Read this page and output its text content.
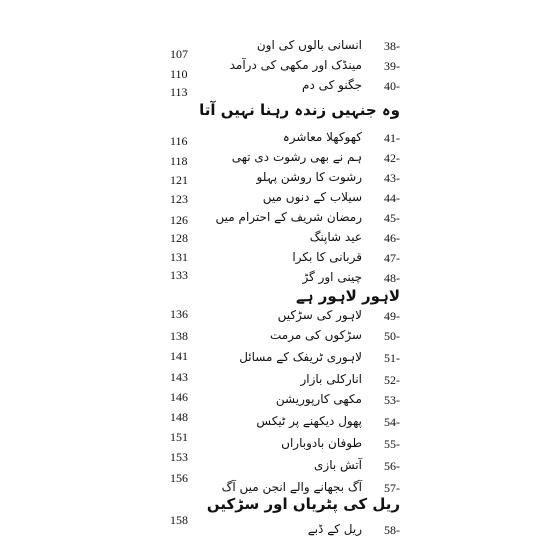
38-
انسانی بالوں کی اون
107
39-
مینڈک اور مکھی کی درآمد
110
40-
جگنو کی دم
113
وہ جنہیں زندہ رہنا نہیں آتا
41-
کھوکھلا معاشرہ
116
42-
ہم نے بھی رشوت دی تھی
118
43-
رشوت کا روشن پہلو
121
44-
سیلاب کے دنوں میں
123
45-
رمضان شریف کے احترام میں
126
46-
عید شاپنگ
128
47-
قربانی کا بکرا
131
48-
چینی اور گڑ
133
لاہور لاہور ہے
49-
لاہور کی سڑکیں
136
50-
سڑکوں کی مرمت
138
51-
لاہوری ٹریفک کے مسائل
141
52-
انارکلی بازار
143
53-
مکھی کارپوریشن
146
54-
پھول دیکھنے پر ٹیکس
148
55-
طوفان بادوباراں
151
56-
آتش بازی
153
57-
آگ بجھانے والے انجن میں آگ
156
ریل کی پٹریاں اور سڑکیں
58-
ریل کے ڈبے
158
